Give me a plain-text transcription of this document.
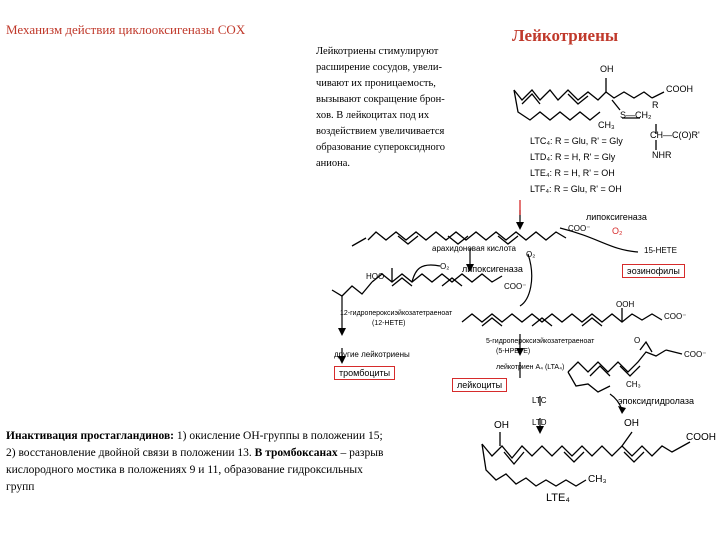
Механизм действия циклооксигеназы COX	Лейкотриены
Лейкотриены стимулируют
расширение сосудов, увели-
чивают их проницаемость,
вызывают сокращение брон-
хов. В лейкоцитах под их
воздействием увеличивается
образование супероксидного
аниона.
OH
COOH
S—CH₂
CH₃
R
CH—C(O)R'
NHR
LTC₄: R = Glu, R' = Gly
LTD₄: R = H, R' = Gly
LTE₄: R = H, R' = OH
LTF₄: R = Glu, R' = OH
липоксигеназа
O₂
15-НЕТЕ
эозинофилы
арахидоновая кислота
COO⁻
O₂
липоксигеназа
O₂
HOO
COO⁻
OOH
COO⁻
12-гидропероксиэйкозатетраеноат
(12-HETE)
другие лейкотриены
тромбоциты
5-гидропероксиэйкозатетраеноат
(5-HPETE)
лейкотриен A₄ (LTA₄)
лейкоциты
O
COO⁻
CH₃
эпоксидгидролаза
LTC
LTD
OH	OH
COOH
CH₃
LTE₄
Инактивация простагландинов: 1) окисление ОН-группы в положении 15;
2) восстановление двойной связи в положении 13. В тромбоксанах – разрыв
кислородного мостика в положениях 9 и 11, образование гидроксильных
групп
